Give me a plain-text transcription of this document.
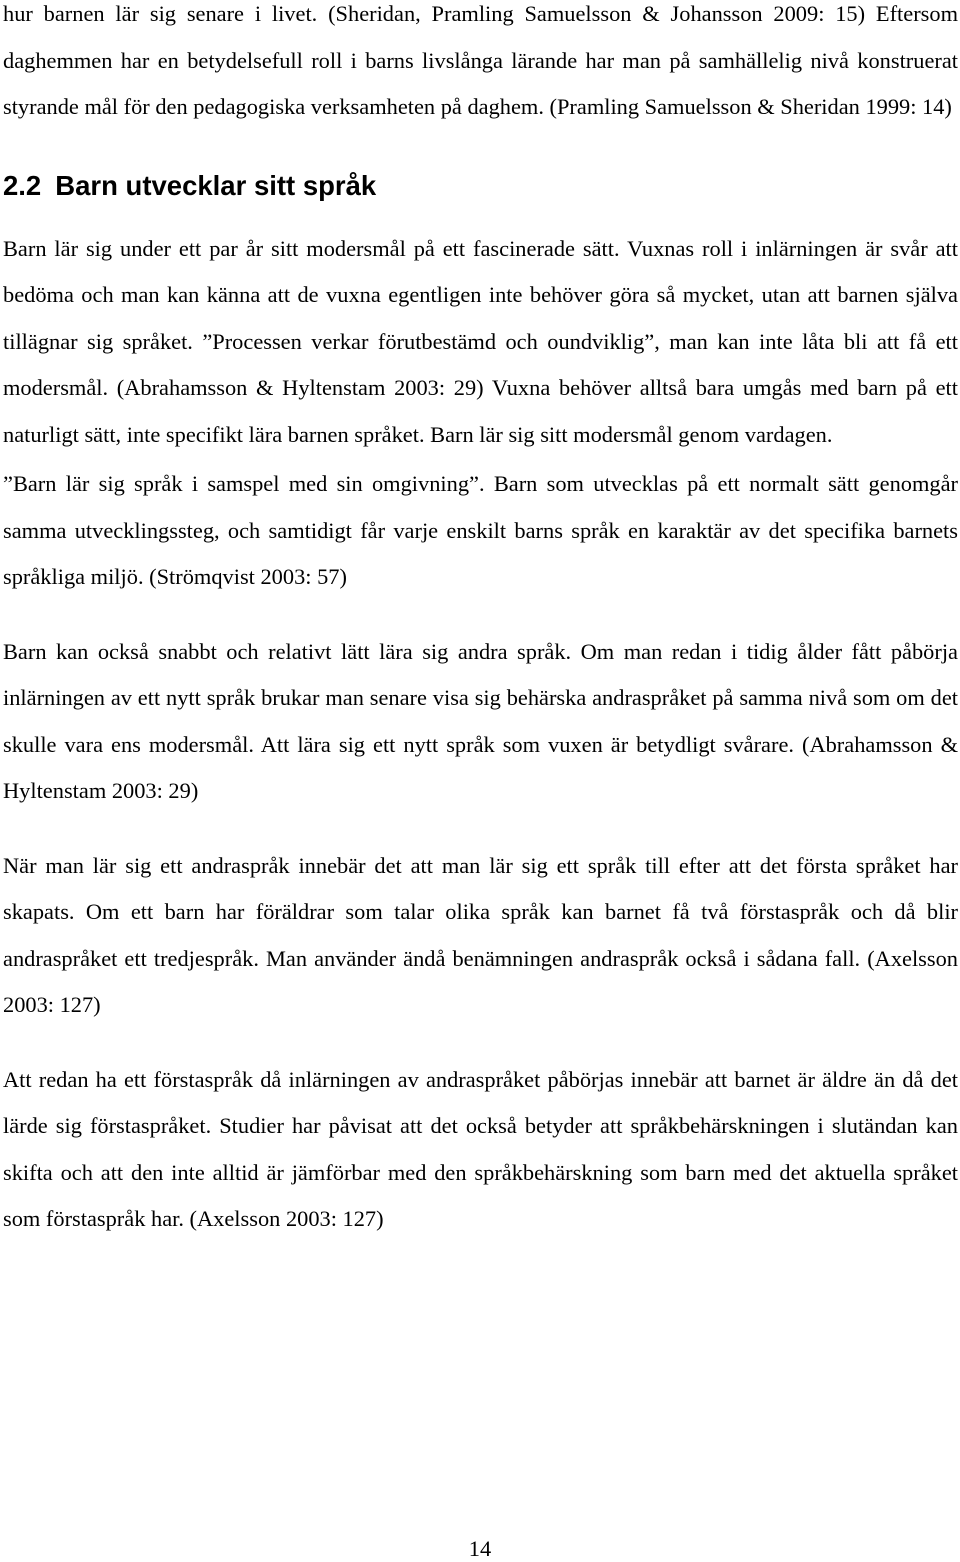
hur barnen lär sig senare i livet. (Sheridan, Pramling Samuelsson & Johansson 2009: 15) Eftersom daghemmen har en betydelsefull roll i barns livslånga lärande har man på samhällelig nivå konstruerat styrande mål för den pedagogiska verksamheten på daghem. (Pramling Samuelsson & Sheridan 1999: 14)

2.2 Barn utvecklar sitt språk

Barn lär sig under ett par år sitt modersmål på ett fascinerade sätt. Vuxnas roll i inlärningen är svår att bedöma och man kan känna att de vuxna egentligen inte behöver göra så mycket, utan att barnen själva tillägnar sig språket. ”Processen verkar förutbestämd och oundviklig”, man kan inte låta bli att få ett modersmål. (Abrahamsson & Hyltenstam 2003: 29) Vuxna behöver alltså bara umgås med barn på ett naturligt sätt, inte specifikt lära barnen språket. Barn lär sig sitt modersmål genom vardagen.

”Barn lär sig språk i samspel med sin omgivning”. Barn som utvecklas på ett normalt sätt genomgår samma utvecklingssteg, och samtidigt får varje enskilt barns språk en karaktär av det specifika barnets språkliga miljö. (Strömqvist 2003: 57)

Barn kan också snabbt och relativt lätt lära sig andra språk. Om man redan i tidig ålder fått påbörja inlärningen av ett nytt språk brukar man senare visa sig behärska andraspråket på samma nivå som om det skulle vara ens modersmål. Att lära sig ett nytt språk som vuxen är betydligt svårare. (Abrahamsson & Hyltenstam 2003: 29)

När man lär sig ett andraspråk innebär det att man lär sig ett språk till efter att det första språket har skapats. Om ett barn har föräldrar som talar olika språk kan barnet få två förstaspråk och då blir andraspråket ett tredjespråk. Man använder ändå benämningen andraspråk också i sådana fall. (Axelsson 2003: 127)

Att redan ha ett förstaspråk då inlärningen av andraspråket påbörjas innebär att barnet är äldre än då det lärde sig förstaspråket. Studier har påvisat att det också betyder att språkbehärskningen i slutändan kan skifta och att den inte alltid är jämförbar med den språkbehärskning som barn med det aktuella språket som förstaspråk har. (Axelsson 2003: 127)

14
